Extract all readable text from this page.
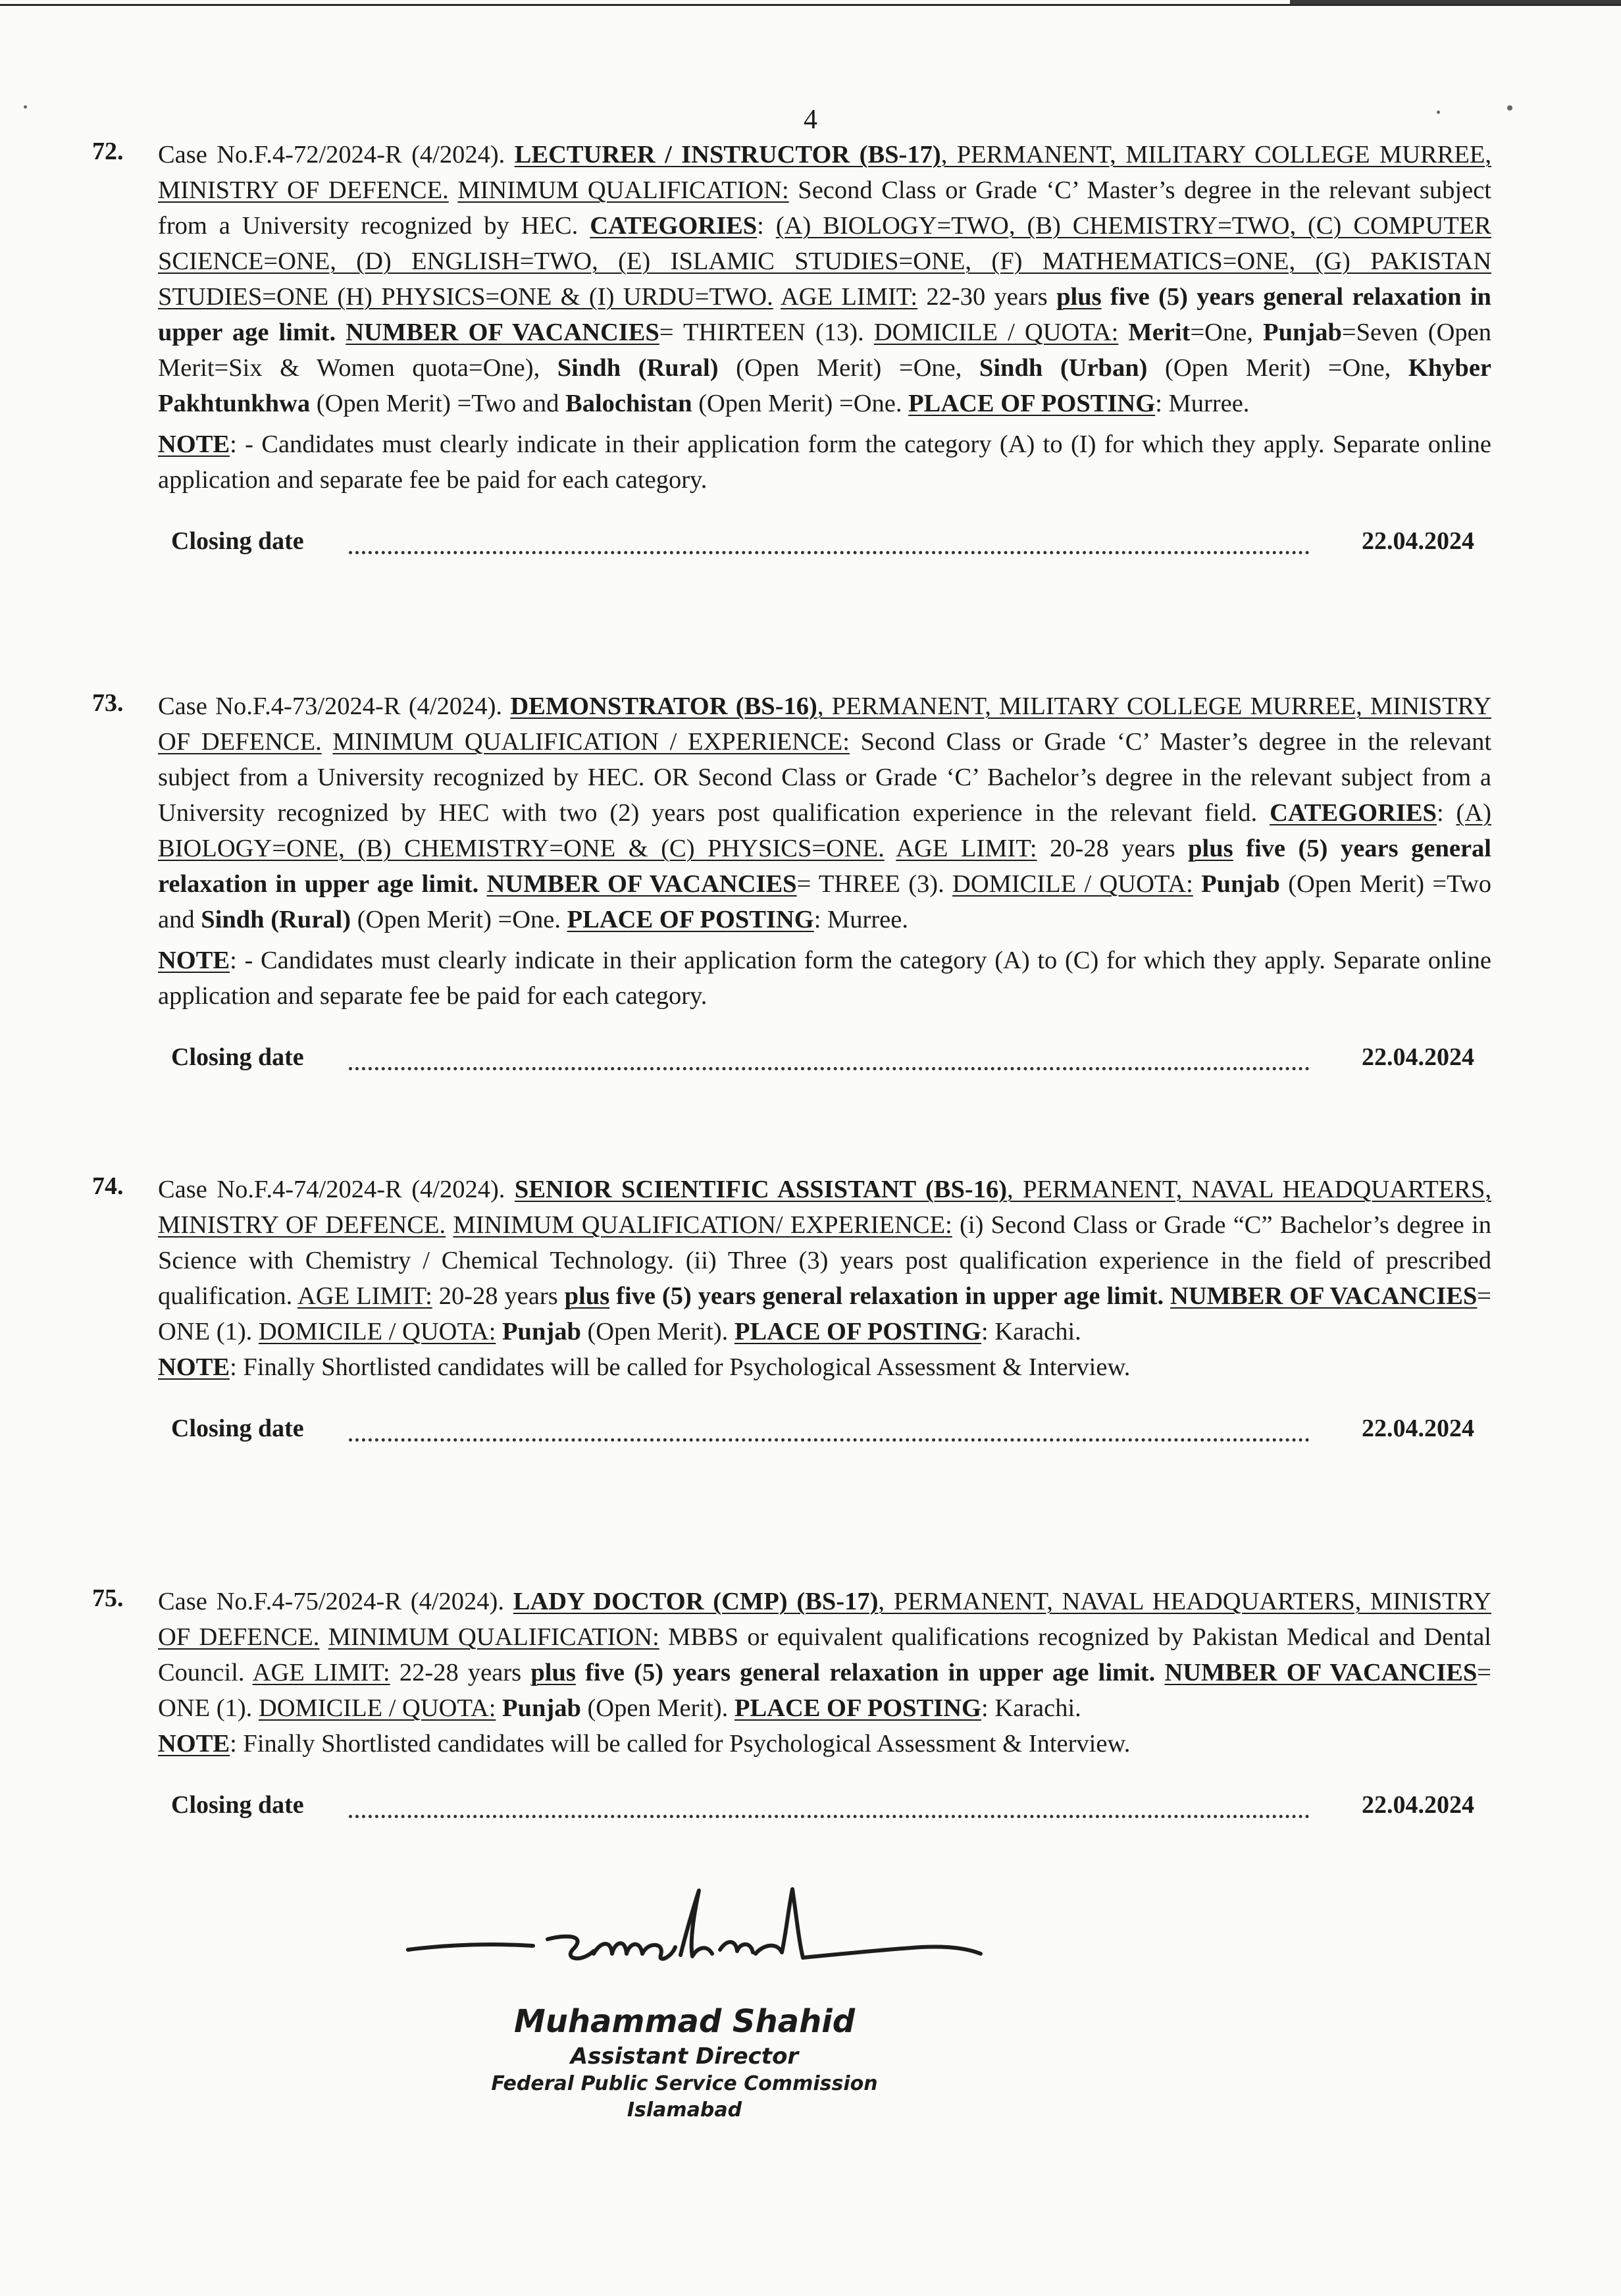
4
72. Case No.F.4-72/2024-R (4/2024). LECTURER / INSTRUCTOR (BS-17), PERMANENT, MILITARY COLLEGE MURREE, MINISTRY OF DEFENCE. MINIMUM QUALIFICATION: Second Class or Grade ‘C’ Master’s degree in the relevant subject from a University recognized by HEC. CATEGORIES: (A) BIOLOGY=TWO, (B) CHEMISTRY=TWO, (C) COMPUTER SCIENCE=ONE, (D) ENGLISH=TWO, (E) ISLAMIC STUDIES=ONE, (F) MATHEMATICS=ONE, (G) PAKISTAN STUDIES=ONE (H) PHYSICS=ONE & (I) URDU=TWO. AGE LIMIT: 22-30 years plus five (5) years general relaxation in upper age limit. NUMBER OF VACANCIES= THIRTEEN (13). DOMICILE / QUOTA: Merit=One, Punjab=Seven (Open Merit=Six & Women quota=One), Sindh (Rural) (Open Merit) =One, Sindh (Urban) (Open Merit) =One, Khyber Pakhtunkhwa (Open Merit) =Two and Balochistan (Open Merit) =One. PLACE OF POSTING: Murree.
NOTE: - Candidates must clearly indicate in their application form the category (A) to (I) for which they apply. Separate online application and separate fee be paid for each category.
Closing date	22.04.2024
73. Case No.F.4-73/2024-R (4/2024). DEMONSTRATOR (BS-16), PERMANENT, MILITARY COLLEGE MURREE, MINISTRY OF DEFENCE. MINIMUM QUALIFICATION / EXPERIENCE: Second Class or Grade ‘C’ Master’s degree in the relevant subject from a University recognized by HEC. OR Second Class or Grade ‘C’ Bachelor’s degree in the relevant subject from a University recognized by HEC with two (2) years post qualification experience in the relevant field. CATEGORIES: (A) BIOLOGY=ONE, (B) CHEMISTRY=ONE & (C) PHYSICS=ONE. AGE LIMIT: 20-28 years plus five (5) years general relaxation in upper age limit. NUMBER OF VACANCIES= THREE (3). DOMICILE / QUOTA: Punjab (Open Merit) =Two and Sindh (Rural) (Open Merit) =One. PLACE OF POSTING: Murree.
NOTE: - Candidates must clearly indicate in their application form the category (A) to (C) for which they apply. Separate online application and separate fee be paid for each category.
Closing date	22.04.2024
74. Case No.F.4-74/2024-R (4/2024). SENIOR SCIENTIFIC ASSISTANT (BS-16), PERMANENT, NAVAL HEADQUARTERS, MINISTRY OF DEFENCE. MINIMUM QUALIFICATION/ EXPERIENCE: (i) Second Class or Grade “C” Bachelor’s degree in Science with Chemistry / Chemical Technology. (ii) Three (3) years post qualification experience in the field of prescribed qualification. AGE LIMIT: 20-28 years plus five (5) years general relaxation in upper age limit. NUMBER OF VACANCIES= ONE (1). DOMICILE / QUOTA: Punjab (Open Merit). PLACE OF POSTING: Karachi.
NOTE: Finally Shortlisted candidates will be called for Psychological Assessment & Interview.
Closing date	22.04.2024
75. Case No.F.4-75/2024-R (4/2024). LADY DOCTOR (CMP) (BS-17), PERMANENT, NAVAL HEADQUARTERS, MINISTRY OF DEFENCE. MINIMUM QUALIFICATION: MBBS or equivalent qualifications recognized by Pakistan Medical and Dental Council. AGE LIMIT: 22-28 years plus five (5) years general relaxation in upper age limit. NUMBER OF VACANCIES= ONE (1). DOMICILE / QUOTA: Punjab (Open Merit). PLACE OF POSTING: Karachi.
NOTE: Finally Shortlisted candidates will be called for Psychological Assessment & Interview.
Closing date	22.04.2024
Muhammad Shahid
Assistant Director
Federal Public Service Commission
Islamabad
